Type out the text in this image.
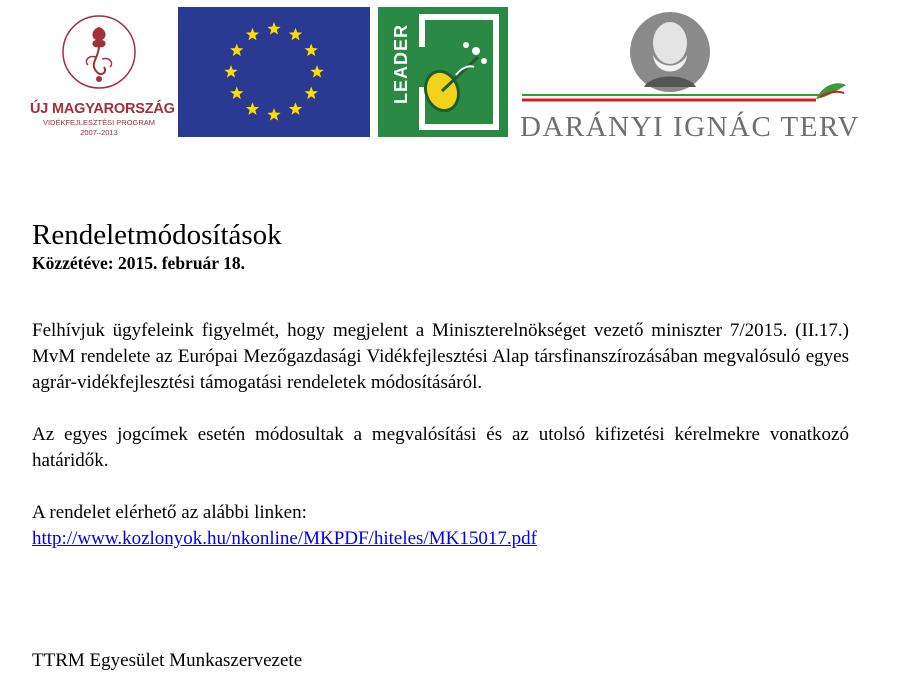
ÚJ MAGYARORSZÁG
VIDÉKFEJLESZTÉSI PROGRAM
2007–2013
LEADER
DARÁNYI IGNÁC TERV
Rendeletmódosítások
Közzétéve: 2015. február 18.

Felhívjuk ügyfeleink figyelmét, hogy megjelent a Miniszterelnökséget vezető miniszter 7/2015. (II.17.) MvM rendelete az Európai Mezőgazdasági Vidékfejlesztési Alap társfinanszírozásában megvalósuló egyes agrár-vidékfejlesztési támogatási rendeletek módosításáról.

Az egyes jogcímek esetén módosultak a megvalósítási és az utolsó kifizetési kérelmekre vonatkozó határidők.

A rendelet elérhető az alábbi linken:
http://www.kozlonyok.hu/nkonline/MKPDF/hiteles/MK15017.pdf

TTRM Egyesület Munkaszervezete
